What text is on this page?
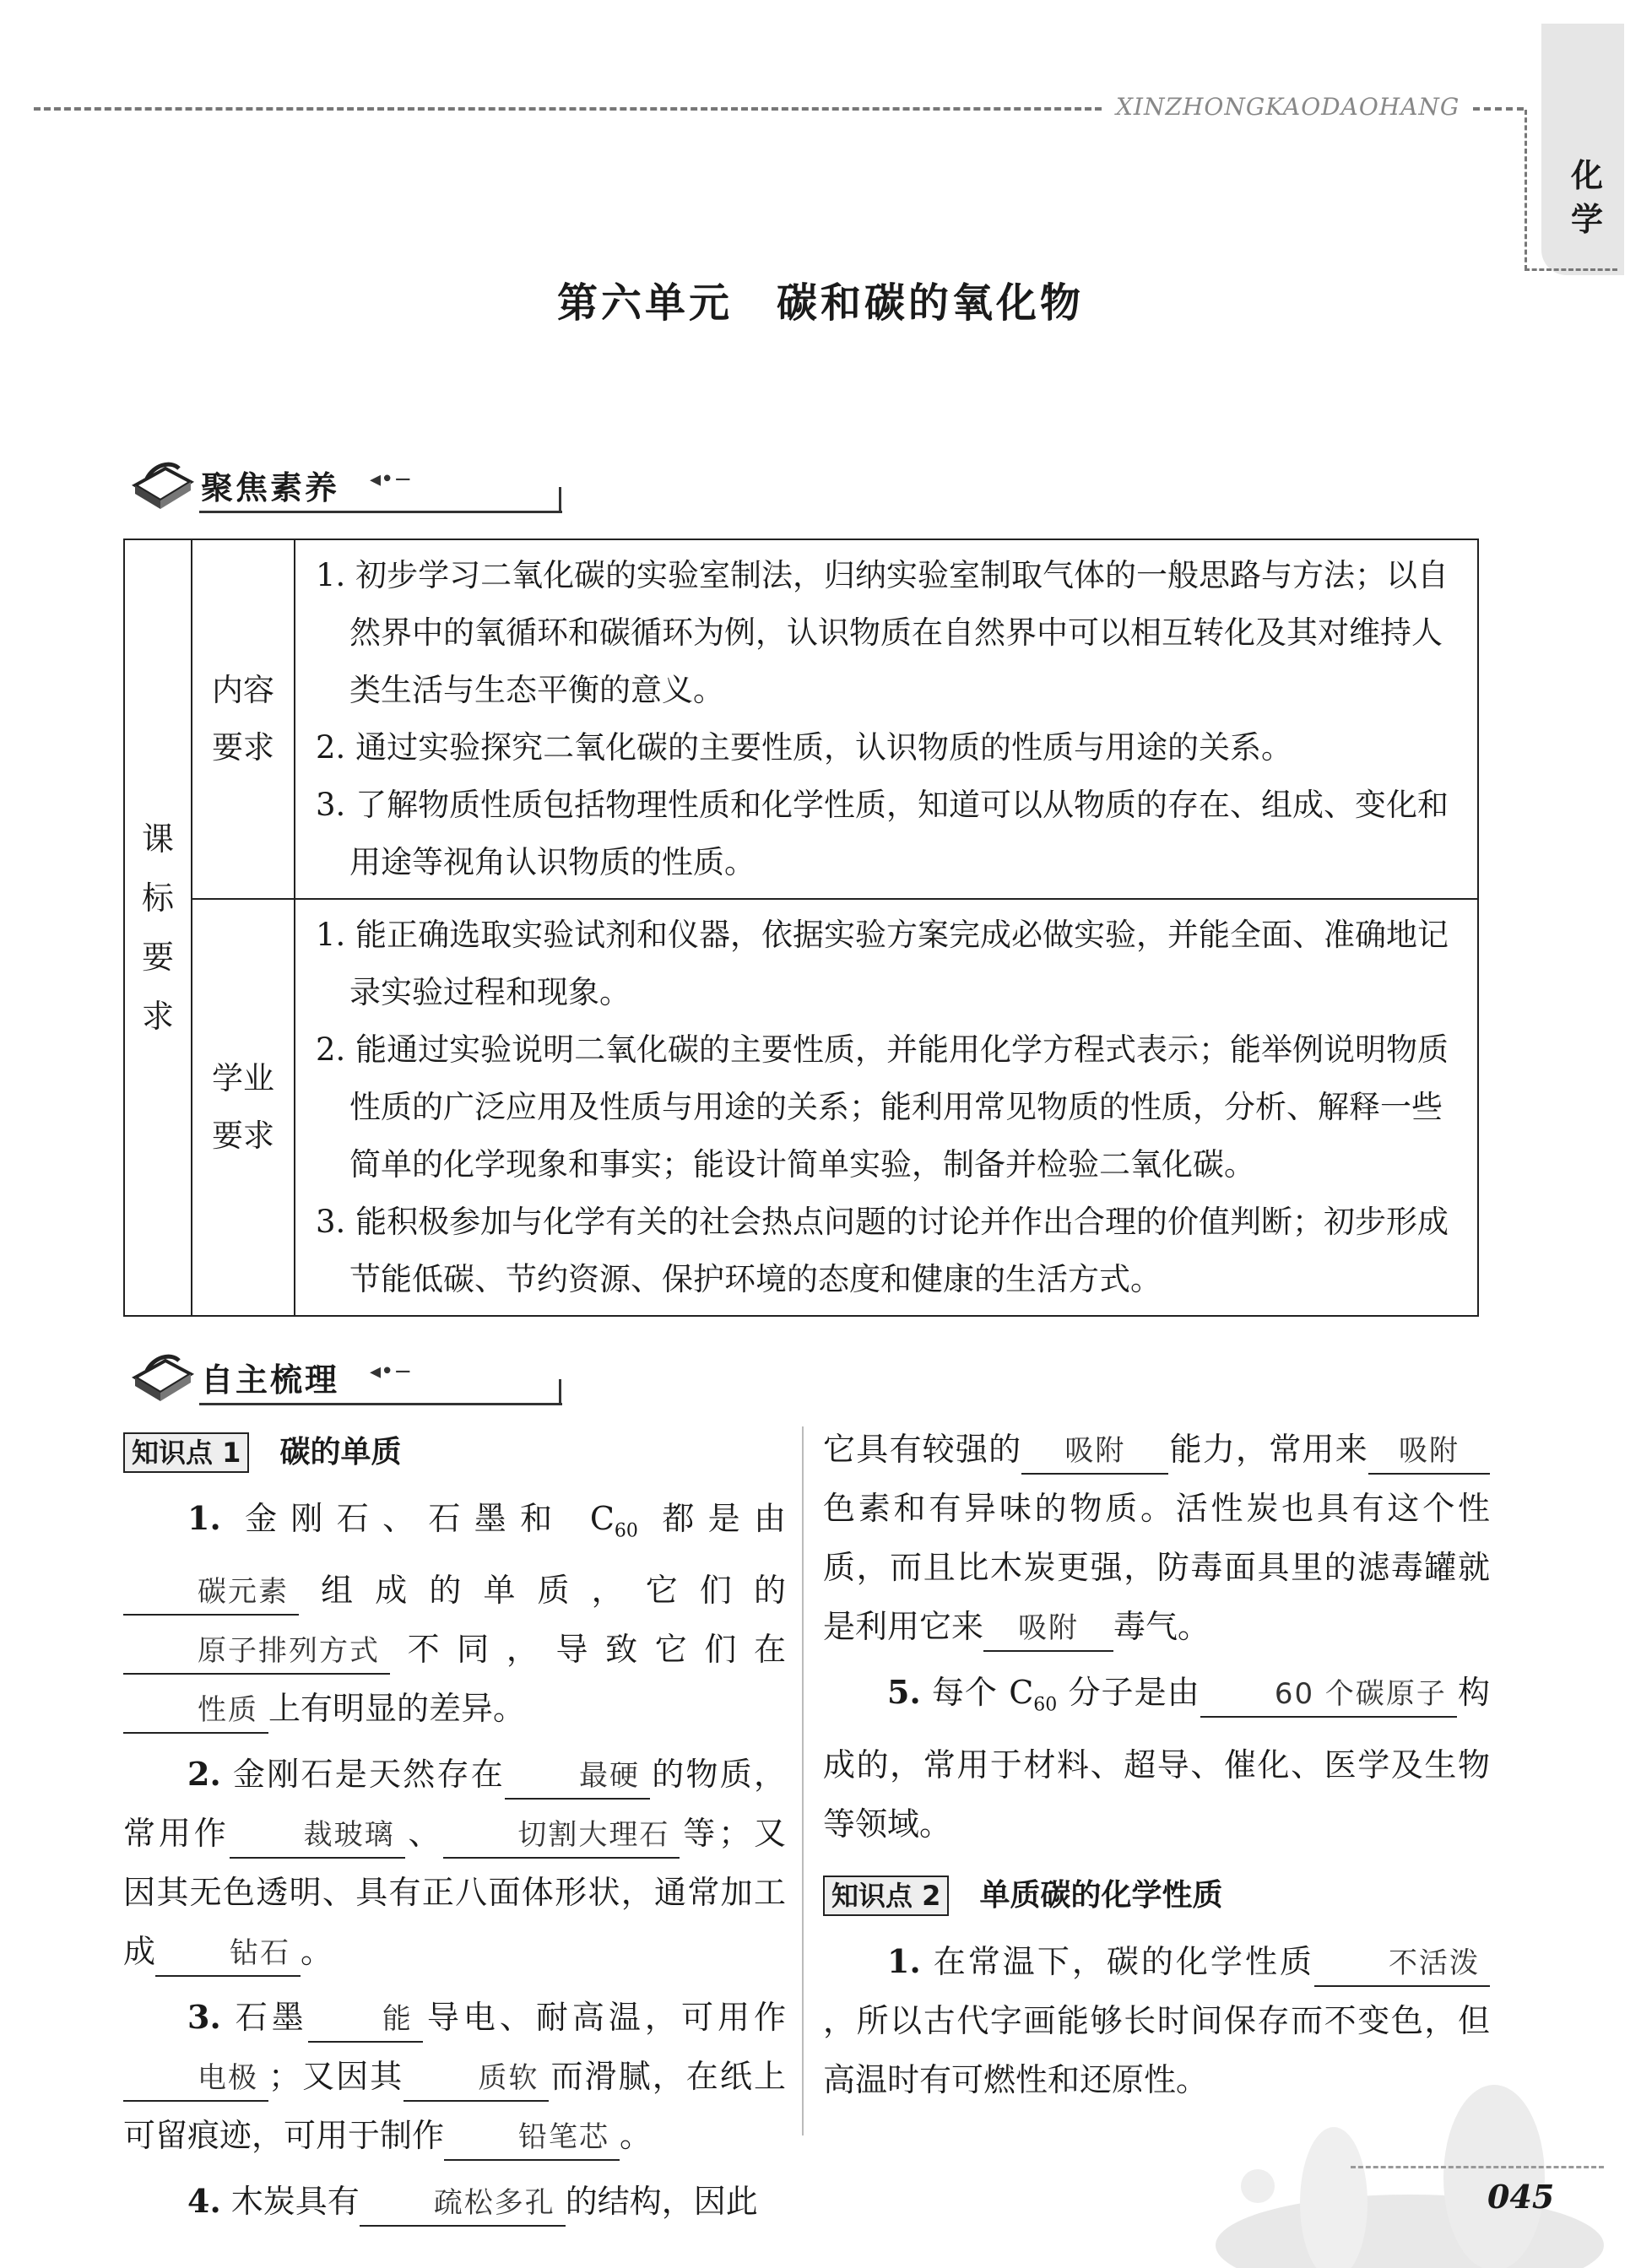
XINZHONGKAODAOHANG
化学
第六单元　碳和碳的氧化物
聚焦素养 ◂•−
课标要求	内容要求	1. 初步学习二氧化碳的实验室制法，归纳实验室制取气体的一般思路与方法；以自然界中的氧循环和碳循环为例，认识物质在自然界中可以相互转化及其对维持人类生活与生态平衡的意义。
2. 通过实验探究二氧化碳的主要性质，认识物质的性质与用途的关系。
3. 了解物质性质包括物理性质和化学性质，知道可以从物质的存在、组成、变化和用途等视角认识物质的性质。

	学业要求	1. 能正确选取实验试剂和仪器，依据实验方案完成必做实验，并能全面、准确地记录实验过程和现象。
2. 能通过实验说明二氧化碳的主要性质，并能用化学方程式表示；能举例说明物质性质的广泛应用及性质与用途的关系；能利用常见物质的性质，分析、解释一些简单的化学现象和事实；能设计简单实验，制备并检验二氧化碳。
3. 能积极参加与化学有关的社会热点问题的讨论并作出合理的价值判断；初步形成节能低碳、节约资源、保护环境的态度和健康的生活方式。
自主梳理 ◂•−
知识点 1 碳的单质

1. 金刚石、石墨和 $C_{60}$ 都是由碳元素 组成的单质，它们的原子排列方式 不同，导致它们在性质 上有明显的差异。

2. 金刚石是天然存在	最硬 的物质，常用作	裁玻璃 、	切割大理石 等；又因其无色透明、具有正八面体形状，通常加工成	钻石 。

3. 石墨	能 导电、耐高温，可用作电极 ；又因其	质软 而滑腻，在纸上可留痕迹，可用于制作	铅笔芯 。

4. 木炭具有	疏松多孔 的结构，因此

它具有较强的 吸附 能力，常用来 吸附色素和有异味的物质。活性炭也具有这个性质，而且比木炭更强，防毒面具里的滤毒罐就是利用它来 吸附 毒气。

5. 每个 $C_{60}$ 分子是由	60 个碳原子 构成的，常用于材料、超导、催化、医学及生物等领域。

知识点 2 单质碳的化学性质

1. 在常温下，碳的化学性质	不活泼，所以古代字画能够长时间保存而不变色，但高温时有可燃性和还原性。

045
